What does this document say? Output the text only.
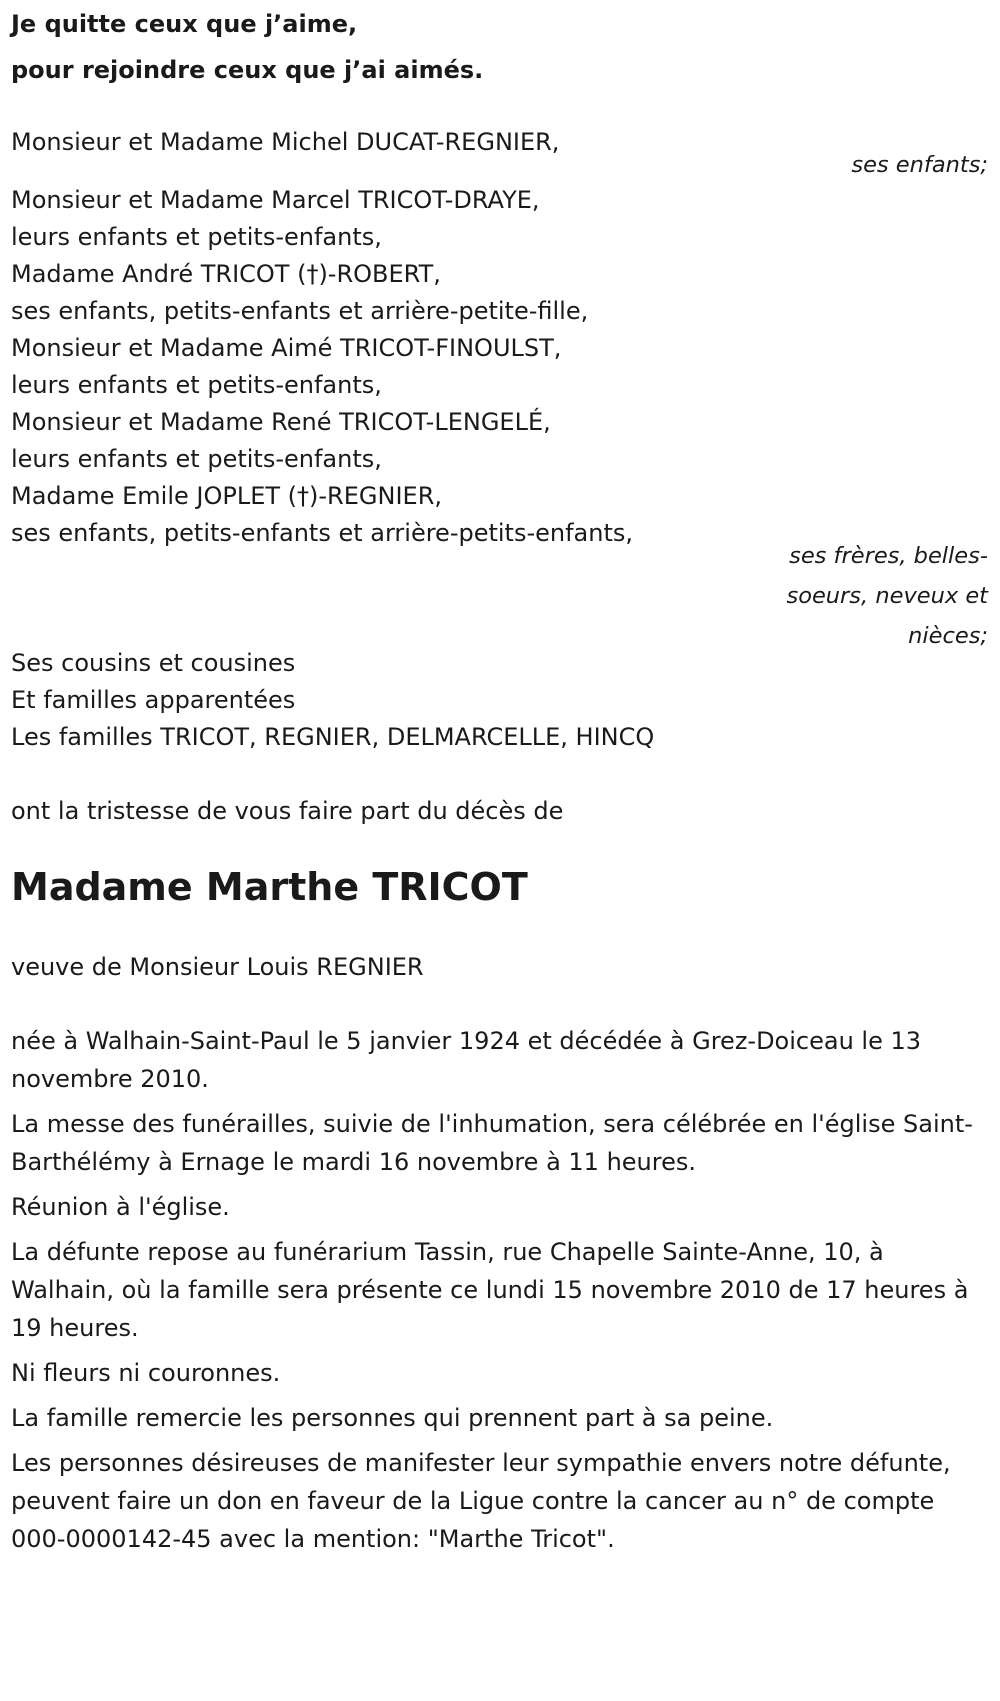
Je quitte ceux que j’aime,

pour rejoindre ceux que j’ai aimés.

Monsieur et Madame Michel DUCAT-REGNIER,

ses enfants;

Monsieur et Madame Marcel TRICOT-DRAYE,

leurs enfants et petits-enfants,

Madame André TRICOT (†)-ROBERT,

ses enfants, petits-enfants et arrière-petite-fille,

Monsieur et Madame Aimé TRICOT-FINOULST,

leurs enfants et petits-enfants,

Monsieur et Madame René TRICOT-LENGELÉ,

leurs enfants et petits-enfants,

Madame Emile JOPLET (†)-REGNIER,

ses enfants, petits-enfants et arrière-petits-enfants,

ses frères, belles-soeurs, neveux et nièces;

Ses cousins et cousines

Et familles apparentées

Les familles TRICOT, REGNIER, DELMARCELLE, HINCQ

ont la tristesse de vous faire part du décès de

Madame Marthe TRICOT

veuve de Monsieur Louis REGNIER

née à Walhain-Saint-Paul le 5 janvier 1924 et décédée à Grez-Doiceau le 13 novembre 2010.

La messe des funérailles, suivie de l'inhumation, sera célébrée en l'église Saint-Barthélémy à Ernage le mardi 16 novembre à 11 heures.

Réunion à l'église.

La défunte repose au funérarium Tassin, rue Chapelle Sainte-Anne, 10, à Walhain, où la famille sera présente ce lundi 15 novembre 2010 de 17 heures à 19 heures.

Ni fleurs ni couronnes.

La famille remercie les personnes qui prennent part à sa peine.

Les personnes désireuses de manifester leur sympathie envers notre défunte, peuvent faire un don en faveur de la Ligue contre la cancer au n° de compte 000-0000142-45 avec la mention: "Marthe Tricot".
